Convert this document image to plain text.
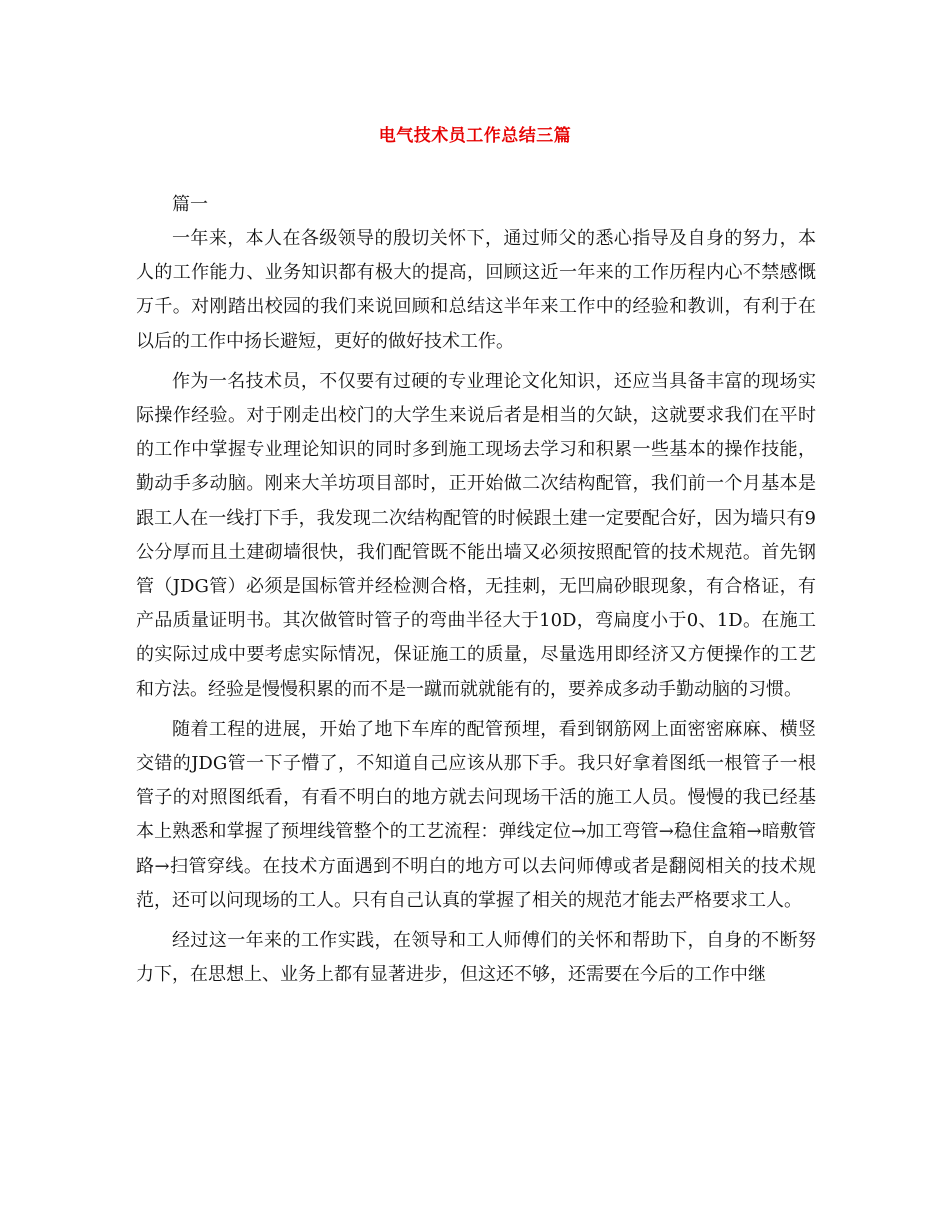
电气技术员工作总结三篇

篇一

一年来，本人在各级领导的殷切关怀下，通过师父的悉心指导及自身的努力，本人的工作能力、业务知识都有极大的提高，回顾这近一年来的工作历程内心不禁感慨万千。对刚踏出校园的我们来说回顾和总结这半年来工作中的经验和教训，有利于在以后的工作中扬长避短，更好的做好技术工作。

作为一名技术员，不仅要有过硬的专业理论文化知识，还应当具备丰富的现场实际操作经验。对于刚走出校门的大学生来说后者是相当的欠缺，这就要求我们在平时的工作中掌握专业理论知识的同时多到施工现场去学习和积累一些基本的操作技能，勤动手多动脑。刚来大羊坊项目部时，正开始做二次结构配管，我们前一个月基本是跟工人在一线打下手，我发现二次结构配管的时候跟土建一定要配合好，因为墙只有9公分厚而且土建砌墙很快，我们配管既不能出墙又必须按照配管的技术规范。首先钢管（JDG管）必须是国标管并经检测合格，无挂刺，无凹扁砂眼现象，有合格证，有产品质量证明书。其次做管时管子的弯曲半径大于10D，弯扁度小于0、1D。在施工的实际过成中要考虑实际情况，保证施工的质量，尽量选用即经济又方便操作的工艺和方法。经验是慢慢积累的而不是一蹴而就就能有的，要养成多动手勤动脑的习惯。

随着工程的进展，开始了地下车库的配管预埋，看到钢筋网上面密密麻麻、横竖交错的JDG管一下子懵了，不知道自己应该从那下手。我只好拿着图纸一根管子一根管子的对照图纸看，有看不明白的地方就去问现场干活的施工人员。慢慢的我已经基本上熟悉和掌握了预埋线管整个的工艺流程：弹线定位→加工弯管→稳住盒箱→暗敷管路→扫管穿线。在技术方面遇到不明白的地方可以去问师傅或者是翻阅相关的技术规范，还可以问现场的工人。只有自己认真的掌握了相关的规范才能去严格要求工人。

经过这一年来的工作实践，在领导和工人师傅们的关怀和帮助下，自身的不断努力下，在思想上、业务上都有显著进步，但这还不够，还需要在今后的工作中继
